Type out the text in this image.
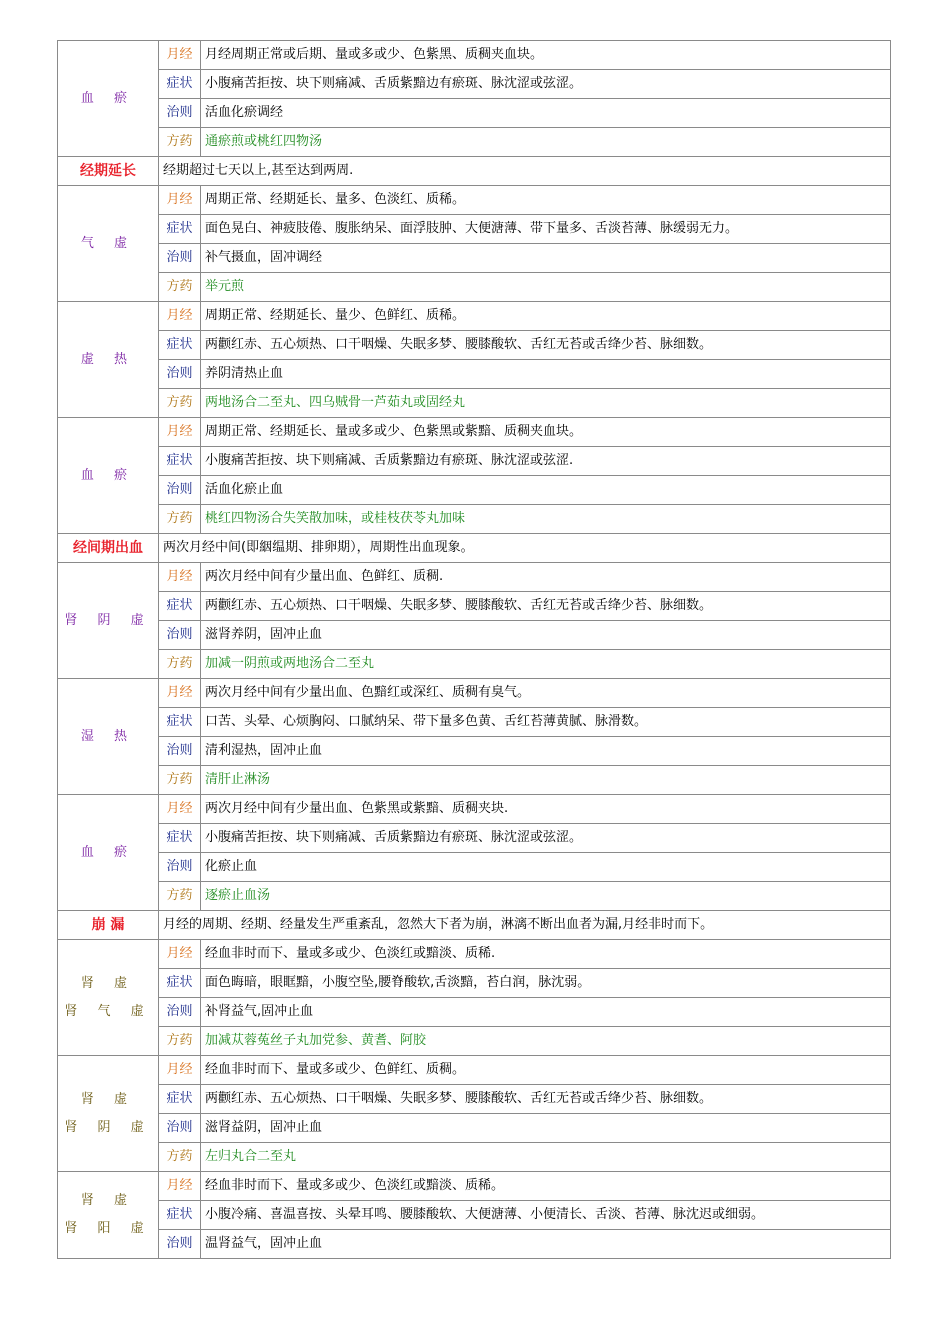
血 瘀	月经	月经周期正常或后期、量或多或少、色紫黑、质稠夹血块。
	症状	小腹痛苦拒按、块下则痛减、舌质紫黯边有瘀斑、脉沈涩或弦涩。
	治则	活血化瘀调经
	方药	通瘀煎或桃红四物汤
经期延长	经期超过七天以上,甚至达到两周.	

气 虚	月经	周期正常、经期延长、量多、色淡红、质稀。
	症状	面色晃白、神疲肢倦、腹胀纳呆、面浮肢肿、大便溏薄、带下量多、舌淡苔薄、脉缓弱无力。
	治则	补气摄血，固冲调经
	方药	举元煎

虚 热	月经	周期正常、经期延长、量少、色鲜红、质稀。
	症状	两颧红赤、五心烦热、口干咽燥、失眠多梦、腰膝酸软、舌红无苔或舌绛少苔、脉细数。
	治则	养阴清热止血
	方药	两地汤合二至丸、四乌贼骨一芦茹丸或固经丸

血 瘀	月经	周期正常、经期延长、量或多或少、色紫黑或紫黯、质稠夹血块。
	症状	小腹痛苦拒按、块下则痛减、舌质紫黯边有瘀斑、脉沈涩或弦涩.
	治则	活血化瘀止血
	方药	桃红四物汤合失笑散加味，或桂枝茯苓丸加味
经间期出血	两次月经中间(即絪缊期、排卵期），周期性出血现象。	

肾 阴 虚	月经	两次月经中间有少量出血、色鲜红、质稠.
	症状	两颧红赤、五心烦热、口干咽燥、失眠多梦、腰膝酸软、舌红无苔或舌绛少苔、脉细数。
	治则	滋肾养阴，固冲止血
	方药	加减一阴煎或两地汤合二至丸

湿 热	月经	两次月经中间有少量出血、色黯红或深红、质稠有臭气。
	症状	口苦、头晕、心烦胸闷、口腻纳呆、带下量多色黄、舌红苔薄黄腻、脉滑数。
	治则	清利湿热，固冲止血
	方药	清肝止淋汤

血 瘀	月经	两次月经中间有少量出血、色紫黑或紫黯、质稠夹块.
	症状	小腹痛苦拒按、块下则痛减、舌质紫黯边有瘀斑、脉沈涩或弦涩。
	治则	化瘀止血
	方药	逐瘀止血汤
崩 漏	月经的周期、经期、经量发生严重紊乱，忽然大下者为崩，淋漓不断出血者为漏,月经非时而下。	

肾 虚
肾 气 虚	月经	经血非时而下、量或多或少、色淡红或黯淡、质稀.
	症状	面色晦暗，眼眶黯，小腹空坠,腰脊酸软,舌淡黯，苔白润，脉沈弱。
	治则	补肾益气,固冲止血
	方药	加减苁蓉菟丝子丸加党参、黄耆、阿胶

肾 虚
肾 阴 虚	月经	经血非时而下、量或多或少、色鲜红、质稠。
	症状	两颧红赤、五心烦热、口干咽燥、失眠多梦、腰膝酸软、舌红无苔或舌绛少苔、脉细数。
	治则	滋肾益阴，固冲止血
	方药	左归丸合二至丸

肾 虚
肾 阳 虚	月经	经血非时而下、量或多或少、色淡红或黯淡、质稀。
	症状	小腹冷痛、喜温喜按、头晕耳鸣、腰膝酸软、大便溏薄、小便清长、舌淡、苔薄、脉沈迟或细弱。
	治则	温肾益气，固冲止血
